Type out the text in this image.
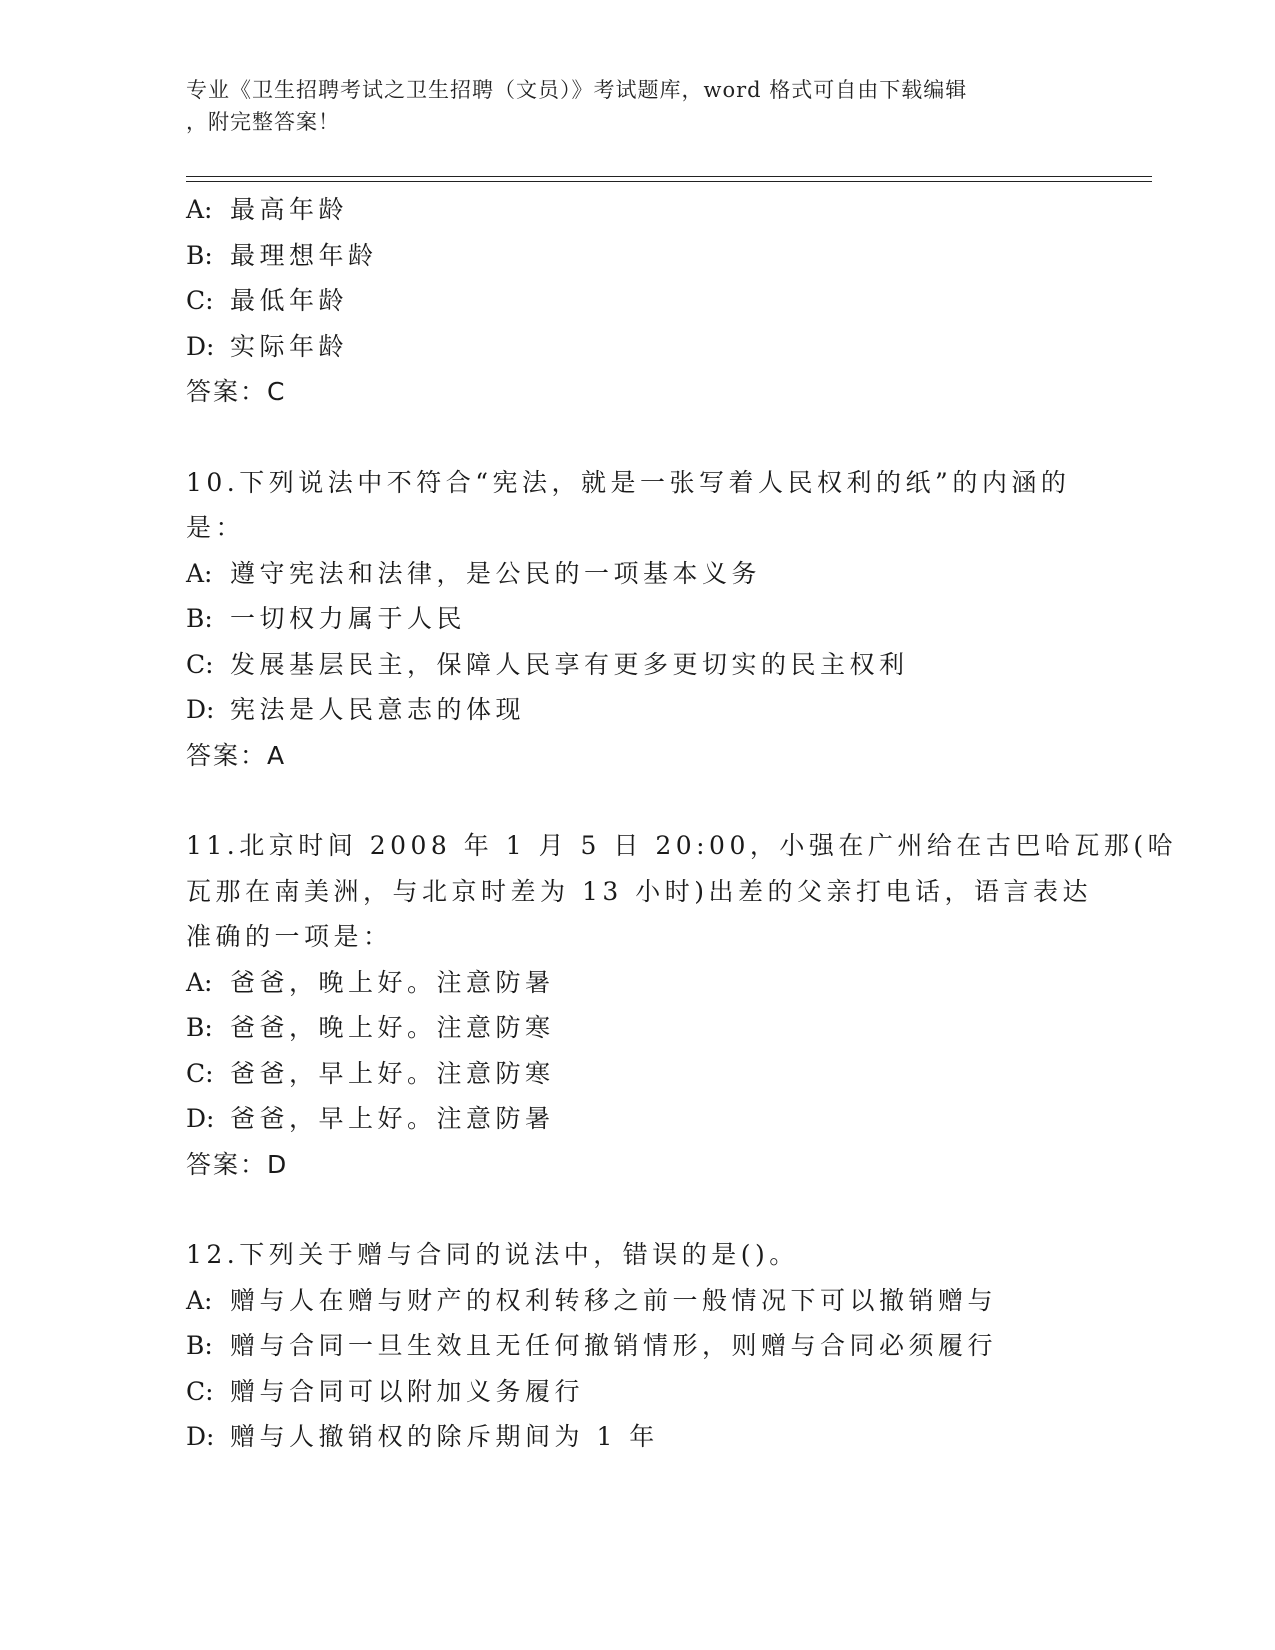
专业《卫生招聘考试之卫生招聘（文员）》考试题库，word 格式可自由下载编辑
，附完整答案！
A: 最高年龄
B: 最理想年龄
C: 最低年龄
D: 实际年龄
答案：C
10.下列说法中不符合“宪法，就是一张写着人民权利的纸”的内涵的
是：
A: 遵守宪法和法律，是公民的一项基本义务
B: 一切权力属于人民
C: 发展基层民主，保障人民享有更多更切实的民主权利
D: 宪法是人民意志的体现
答案：A
11.北京时间 2008 年 1 月 5 日 20:00，小强在广州给在古巴哈瓦那(哈
瓦那在南美洲，与北京时差为 13 小时)出差的父亲打电话，语言表达
准确的一项是：
A: 爸爸，晚上好。注意防暑
B: 爸爸，晚上好。注意防寒
C: 爸爸，早上好。注意防寒
D: 爸爸，早上好。注意防暑
答案：D
12.下列关于赠与合同的说法中，错误的是()。
A: 赠与人在赠与财产的权利转移之前一般情况下可以撤销赠与
B: 赠与合同一旦生效且无任何撤销情形，则赠与合同必须履行
C: 赠与合同可以附加义务履行
D: 赠与人撤销权的除斥期间为 1 年
